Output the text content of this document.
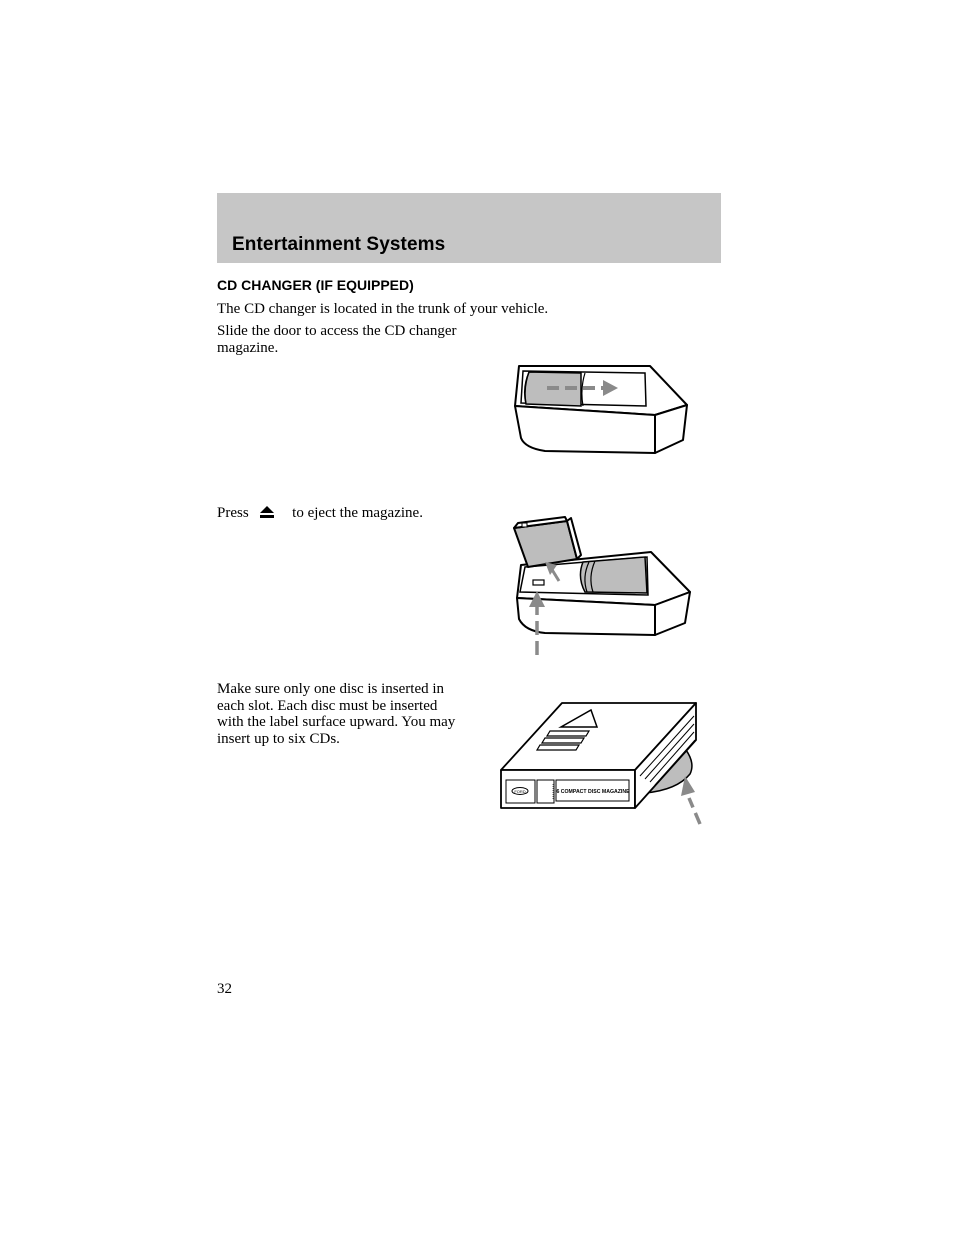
Entertainment Systems
CD CHANGER (IF EQUIPPED)

The CD changer is located in the trunk of your vehicle.

Slide the door to access the CD changer magazine.

Press	to eject the magazine.

Make sure only one disc is inserted in each slot. Each disc must be inserted with the label surface upward. You may insert up to six CDs.

FORD	6 COMPACT DISC MAGAZINE

32
